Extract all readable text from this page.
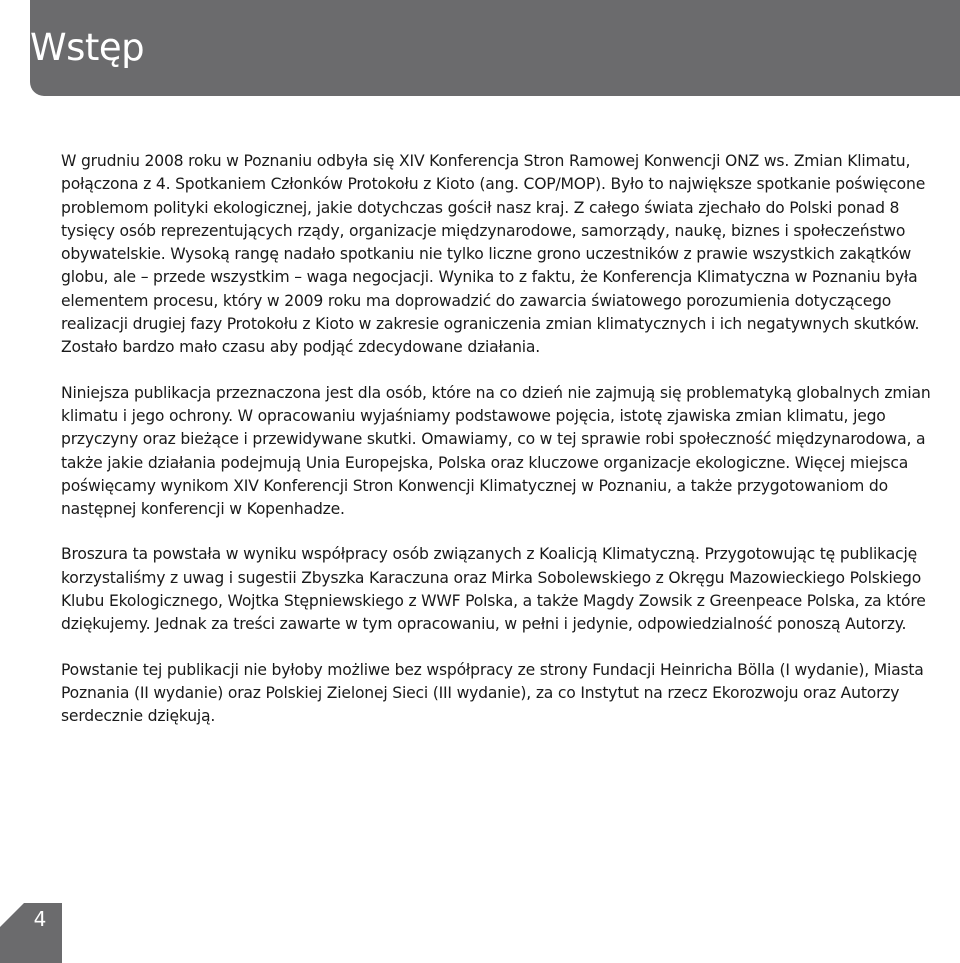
Wstęp

W grudniu 2008 roku w Poznaniu odbyła się XIV Konferencja Stron Ramowej Konwencji ONZ ws. Zmian Klimatu, połączona z 4. Spotkaniem Członków Protokołu z Kioto (ang. COP/MOP). Było to największe spotkanie poświęcone problemom polityki ekologicznej, jakie dotychczas gościł nasz kraj. Z całego świata zjechało do Polski ponad 8 tysięcy osób reprezentujących rządy, organizacje międzynarodowe, samorządy, naukę, biznes i społeczeństwo obywatelskie. Wysoką rangę nadało spotkaniu nie tylko liczne grono uczestników z prawie wszystkich zakątków globu, ale – przede wszystkim – waga negocjacji. Wynika to z faktu, że Konferencja Klimatyczna w Poznaniu była elementem procesu, który w 2009 roku ma doprowadzić do zawarcia światowego porozumienia dotyczącego realizacji drugiej fazy Protokołu z Kioto w zakresie ograniczenia zmian klimatycznych i ich negatywnych skutków. Zostało bardzo mało czasu aby podjąć zdecydowane działania.

Niniejsza publikacja przeznaczona jest dla osób, które na co dzień nie zajmują się problematyką globalnych zmian klimatu i jego ochrony. W opracowaniu wyjaśniamy podstawowe pojęcia, istotę zjawiska zmian klimatu, jego przyczyny oraz bieżące i przewidywane skutki. Omawiamy, co w tej sprawie robi społeczność międzynarodowa, a także jakie działania podejmują Unia Europejska, Polska oraz kluczowe organizacje ekologiczne. Więcej miejsca poświęcamy wynikom XIV Konferencji Stron Konwencji Klimatycznej w Poznaniu, a także przygotowaniom do następnej konferencji w Kopenhadze.

Broszura ta powstała w wyniku współpracy osób związanych z Koalicją Klimatyczną. Przygotowując tę publikację korzystaliśmy z uwag i sugestii Zbyszka Karaczuna oraz Mirka Sobolewskiego z Okręgu Mazowieckiego Polskiego Klubu Ekologicznego, Wojtka Stępniewskiego z WWF Polska, a także Magdy Zowsik z Greenpeace Polska, za które dziękujemy. Jednak za treści zawarte w tym opracowaniu, w pełni i jedynie, odpowiedzialność ponoszą Autorzy.

Powstanie tej publikacji nie byłoby możliwe bez współpracy ze strony Fundacji Heinricha Bölla (I wydanie), Miasta Poznania (II wydanie) oraz Polskiej Zielonej Sieci (III wydanie), za co Instytut na rzecz Ekorozwoju oraz Autorzy serdecznie dziękują.

4
